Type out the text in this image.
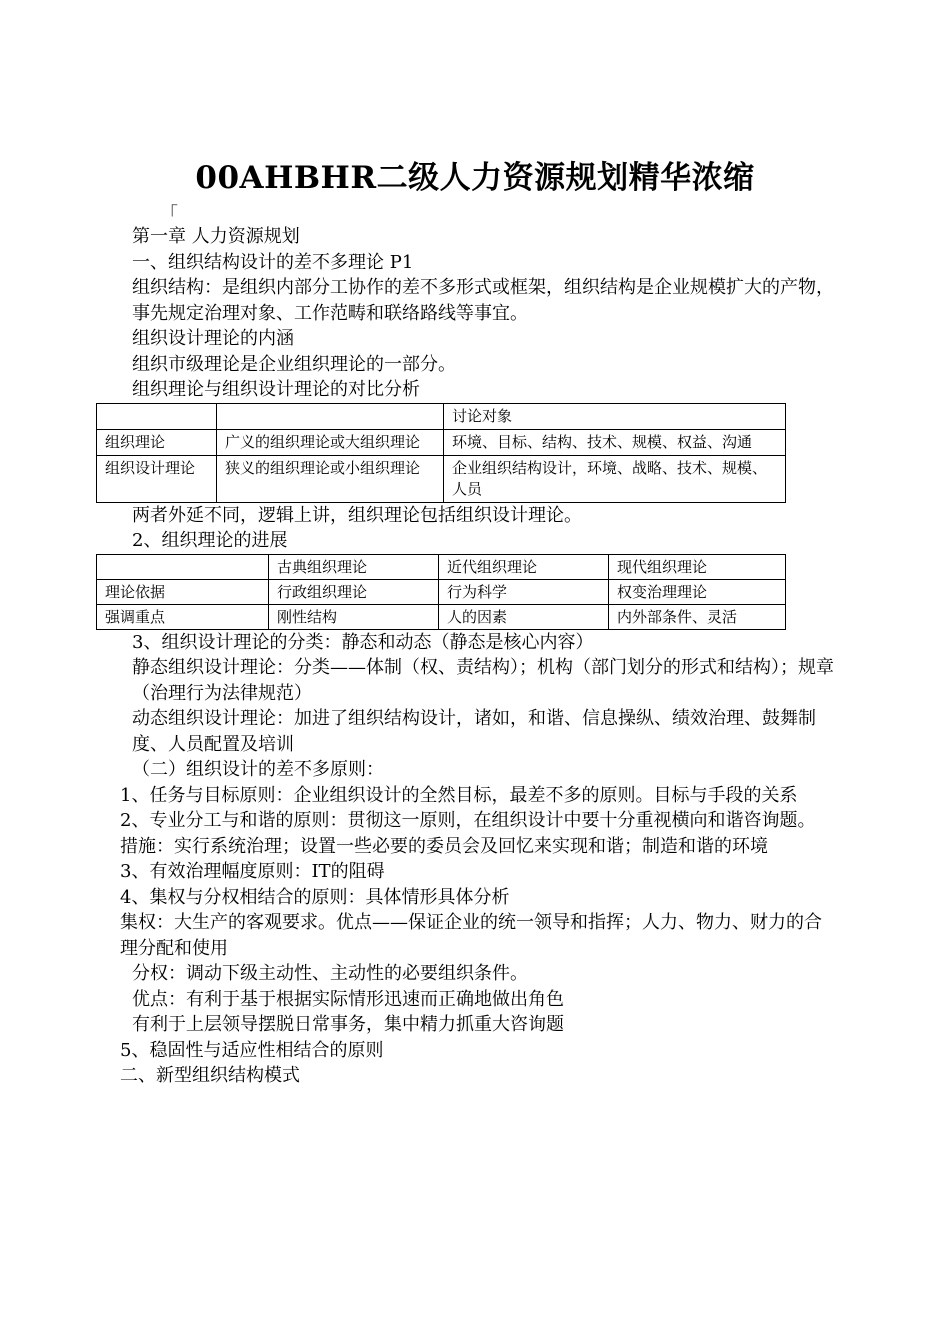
00AHBHR二级人力资源规划精华浓缩
「

第一章 人力资源规划

一、组织结构设计的差不多理论 P1

组织结构：是组织内部分工协作的差不多形式或框架，组织结构是企业规模扩大的产物，事先规定治理对象、工作范畴和联络路线等事宜。

组织设计理论的内涵

组织市级理论是企业组织理论的一部分。

组织理论与组织设计理论的对比分析

		讨论对象
组织理论	广义的组织理论或大组织理论	环境、目标、结构、技术、规模、权益、沟通
组织设计理论	狭义的组织理论或小组织理论	企业组织结构设计，环境、战略、技术、规模、人员

两者外延不同，逻辑上讲，组织理论包括组织设计理论。

2、组织理论的进展

	古典组织理论	近代组织理论	现代组织理论
理论依据	行政组织理论	行为科学	权变治理理论
强调重点	刚性结构	人的因素	内外部条件、灵活

3、组织设计理论的分类：静态和动态（静态是核心内容）

静态组织设计理论：分类——体制（权、责结构）；机构（部门划分的形式和结构）；规章（治理行为法律规范）

动态组织设计理论：加进了组织结构设计，诸如，和谐、信息操纵、绩效治理、鼓舞制度、人员配置及培训

（二）组织设计的差不多原则：

1、任务与目标原则：企业组织设计的全然目标，最差不多的原则。目标与手段的关系

2、专业分工与和谐的原则：贯彻这一原则，在组织设计中要十分重视横向和谐咨询题。

措施：实行系统治理；设置一些必要的委员会及回忆来实现和谐；制造和谐的环境

3、有效治理幅度原则：IT的阻碍

4、集权与分权相结合的原则：具体情形具体分析

集权：大生产的客观要求。优点——保证企业的统一领导和指挥；人力、物力、财力的合理分配和使用

分权：调动下级主动性、主动性的必要组织条件。

优点：有利于基于根据实际情形迅速而正确地做出角色

有利于上层领导摆脱日常事务，集中精力抓重大咨询题

5、稳固性与适应性相结合的原则

二、新型组织结构模式
